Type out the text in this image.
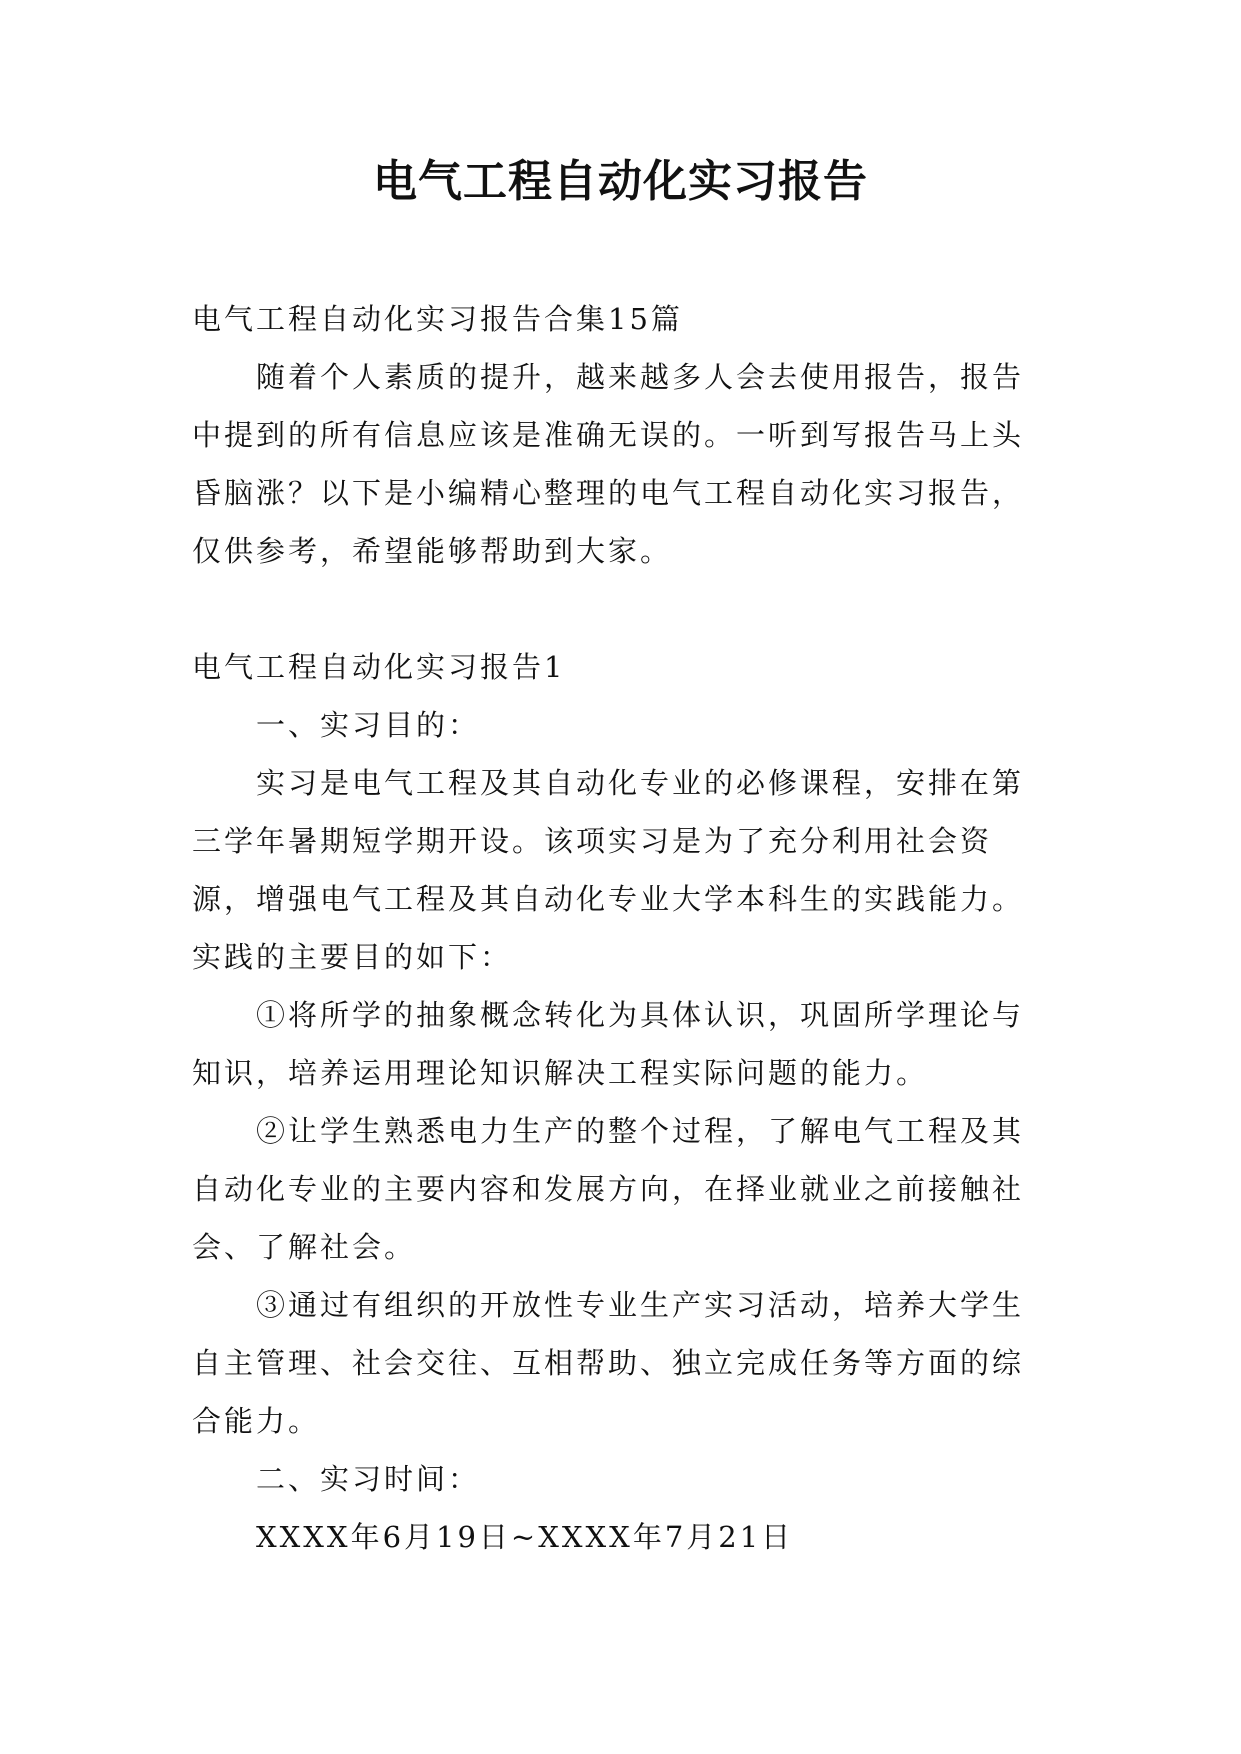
电气工程自动化实习报告

电气工程自动化实习报告合集15篇

随着个人素质的提升，越来越多人会去使用报告，报告中提到的所有信息应该是准确无误的。一听到写报告马上头昏脑涨？以下是小编精心整理的电气工程自动化实习报告，仅供参考，希望能够帮助到大家。

电气工程自动化实习报告1

一、实习目的：

实习是电气工程及其自动化专业的必修课程，安排在第三学年暑期短学期开设。该项实习是为了充分利用社会资源，增强电气工程及其自动化专业大学本科生的实践能力。实践的主要目的如下：

①将所学的抽象概念转化为具体认识，巩固所学理论与知识，培养运用理论知识解决工程实际问题的能力。

②让学生熟悉电力生产的整个过程，了解电气工程及其自动化专业的主要内容和发展方向，在择业就业之前接触社会、了解社会。

③通过有组织的开放性专业生产实习活动，培养大学生自主管理、社会交往、互相帮助、独立完成任务等方面的综合能力。

二、实习时间：

XXXX年6月19日~XXXX年7月21日
